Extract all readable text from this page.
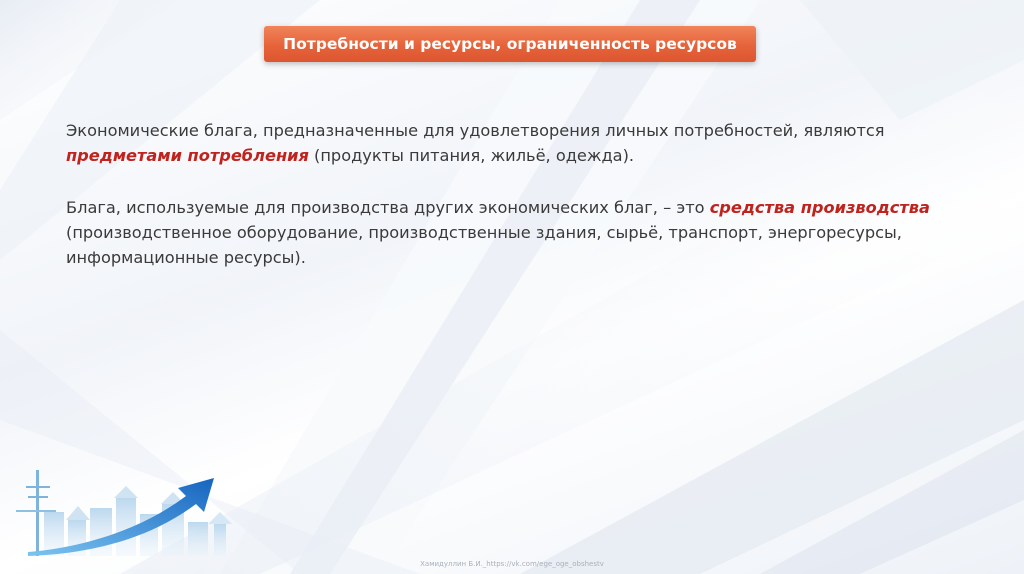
Потребности и ресурсы, ограниченность ресурсов

Экономические блага, предназначенные для удовлетворения личных потребностей, являются предметами потребления (продукты питания, жильё, одежда).

Блага, используемые для производства других экономических благ, – это средства производства (производственное оборудование, производственные здания, сырьё, транспорт, энергоресурсы, информационные ресурсы).

Хамидуллин Б.И._https://vk.com/ege_oge_obshestv
